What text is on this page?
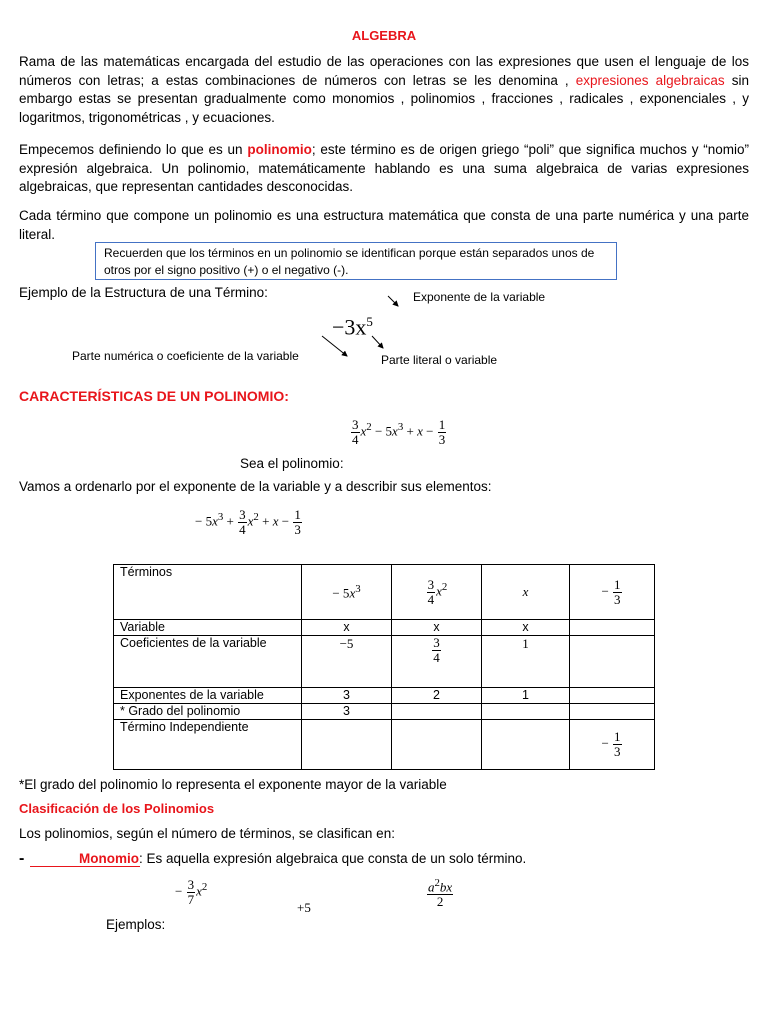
ALGEBRA
Rama de las matemáticas encargada del estudio de las operaciones con las expresiones que usen el lenguaje de los números con letras; a estas combinaciones de números con letras se les denomina , expresiones algebraicas sin embargo estas se presentan gradualmente como monomios , polinomios , fracciones , radicales , exponenciales , y logaritmos, trigonométricas , y ecuaciones.
Empecemos definiendo lo que es un polinomio; este término es de origen griego “poli” que significa muchos y “nomio” expresión algebraica. Un polinomio, matemáticamente hablando es una suma algebraica de varias expresiones algebraicas, que representan cantidades desconocidas.
Cada término que compone un polinomio es una estructura matemática que consta de una parte numérica y una parte literal.
Recuerden que los términos en un polinomio se identifican porque están separados unos de otros por el signo positivo (+) o el negativo (-).
Ejemplo de la Estructura de una Término:	Exponente de la variable
$-3x^5$
Parte numérica o coeficiente de la variable	Parte literal o variable
CARACTERÍSTICAS DE UN POLINOMIO:
$\frac{3}{4} x^2 - 5x^3 + x - \frac{1}{3}$
Sea el polinomio:
Vamos a ordenarlo por el exponente de la variable y a describir sus elementos:
− $5x^3 + \frac{3}{4} x^2 + x - \frac{1}{3}$
Términos	− $5x^3$	$\frac{3}{4} x^2$	x	− $\frac{1}{3}$

Variable	x	x	x	
Coeficientes de la variable	−5	$\frac{3}{4}$	1	
Exponentes de la variable	3	2	1	
* Grado del polinomio	3			
Término Independiente				− $\frac{1}{3}$
*El grado del polinomio lo representa el exponente mayor de la variable
Clasificación de los Polinomios
Los polinomios, según el número de términos, se clasifican en:
-	Monomio: Es aquella expresión algebraica que consta de un solo término.
− $\frac{3}{7} x^2$
+5	$\frac{a^2bx}{2}$
Ejemplos:
